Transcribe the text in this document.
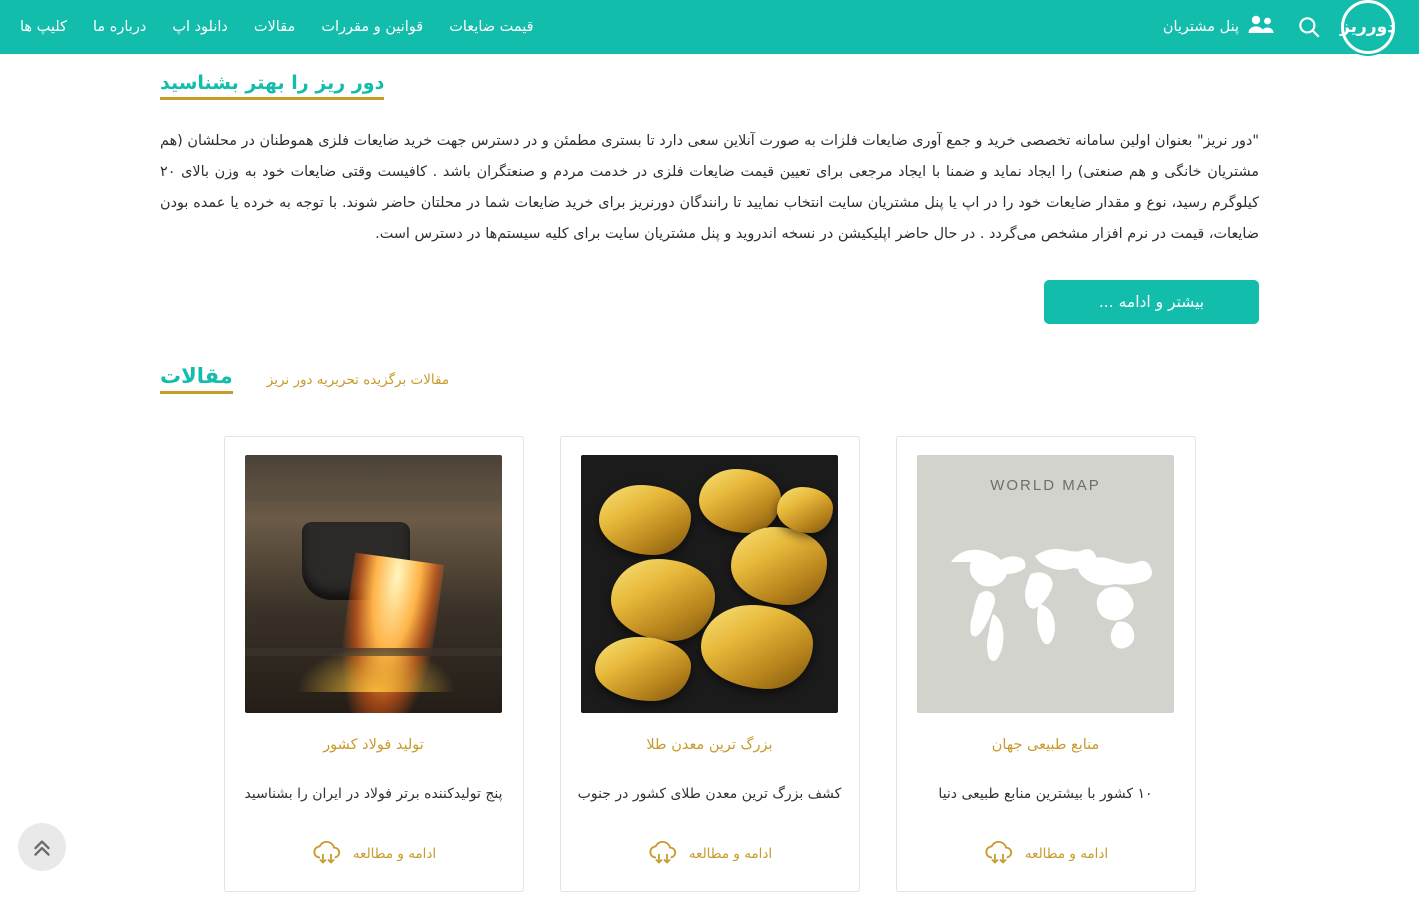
دورریز
پنل مشتریان
قیمت ضایعات
قوانین و مقررات
مقالات
دانلود اپ
درباره ما
کلیپ ها
دور ریز را بهتر بشناسید

"دور نریز" بعنوان اولین سامانه تخصصی خرید و جمع آوری ضایعات فلزات به صورت آنلاین سعی دارد تا بستری مطمئن و در دسترس جهت خرید ضایعات فلزی هموطنان در محلشان (هم مشتریان خانگی و هم صنعتی) را ایجاد نماید و ضمنا با ایجاد مرجعی برای تعیین قیمت ضایعات فلزی در خدمت مردم و صنعتگران باشد . کافیست وقتی ضایعات خود به وزن بالای ۲۰ کیلوگرم رسید، نوع و مقدار ضایعات خود را در اپ یا پنل مشتریان سایت انتخاب نمایید تا رانندگان دورنریز برای خرید ضایعات شما در محلتان حاضر شوند. با توجه به خرده یا عمده بودن ضایعات، قیمت در نرم افزار مشخص می‌گردد . در حال حاضر اپلیکیشن در نسخه اندروید و پنل مشتریان سایت برای کلیه سیستم‌ها در دسترس است.

بیشتر و ادامه ...
مقالات	مقالات برگزیده تحریریه دور نریز
تولید فولاد کشور
پنج تولیدکننده برتر فولاد در ایران را بشناسید
ادامه و مطالعه
بزرگ ترین معدن طلا
کشف بزرگ ترین معدن طلای کشور در جنوب
ادامه و مطالعه
WORLD MAP
منابع طبیعی جهان
۱۰ کشور با بیشترین منابع طبیعی دنیا
ادامه و مطالعه
